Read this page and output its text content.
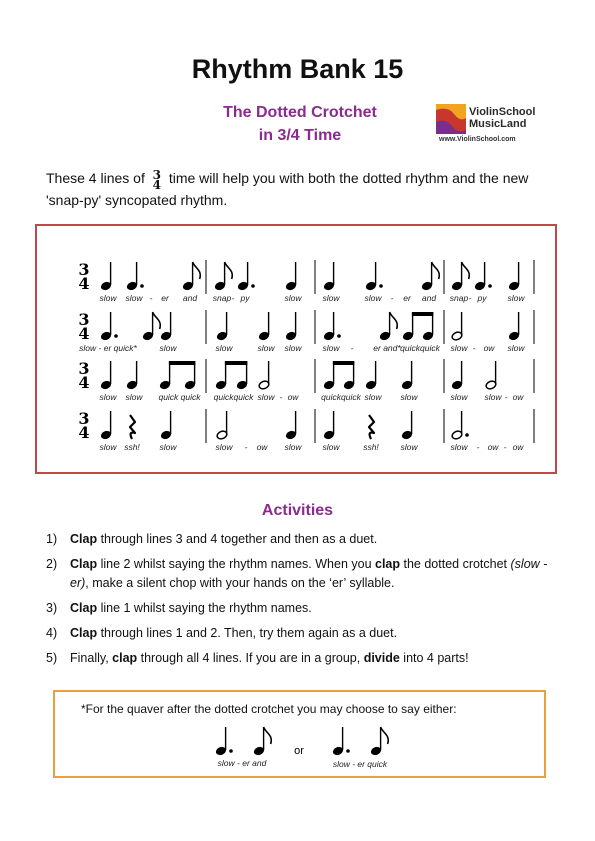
Rhythm Bank 15
The Dotted Crotchet
in 3/4 Time
ViolinSchool
MusicLand
www.ViolinSchool.com
These 4 lines of 3
4 time will help you with both the dotted rhythm and the new 'snap-py' syncopated rhythm.
3
4
slow slow - er and snap - py	slow slow	slow - er and snap - py slow
3
4
slow - er quick*	slow	slow	slow slow slow - er and* quickquick slow - ow slow
3
4
slow slow quick quick quickquick slow - ow	quickquick slow slow	slow slow - ow
3
4
slow ssh! slow	slow - ow slow slow	ssh!	slow	slow - ow - ow
Activities
1) Clap through lines 3 and 4 together and then as a duet.
2) Clap line 2 whilst saying the rhythm names. When you clap the dotted crotchet (slow - er), make a silent chop with your hands on the ‘er’ syllable.
3) Clap line 1 whilst saying the rhythm names.
4) Clap through lines 1 and 2. Then, try them again as a duet.
5) Finally, clap through all 4 lines. If you are in a group, divide into 4 parts!
*For the quaver after the dotted crotchet you may choose to say either:
slow - er and
or
slow - er quick
